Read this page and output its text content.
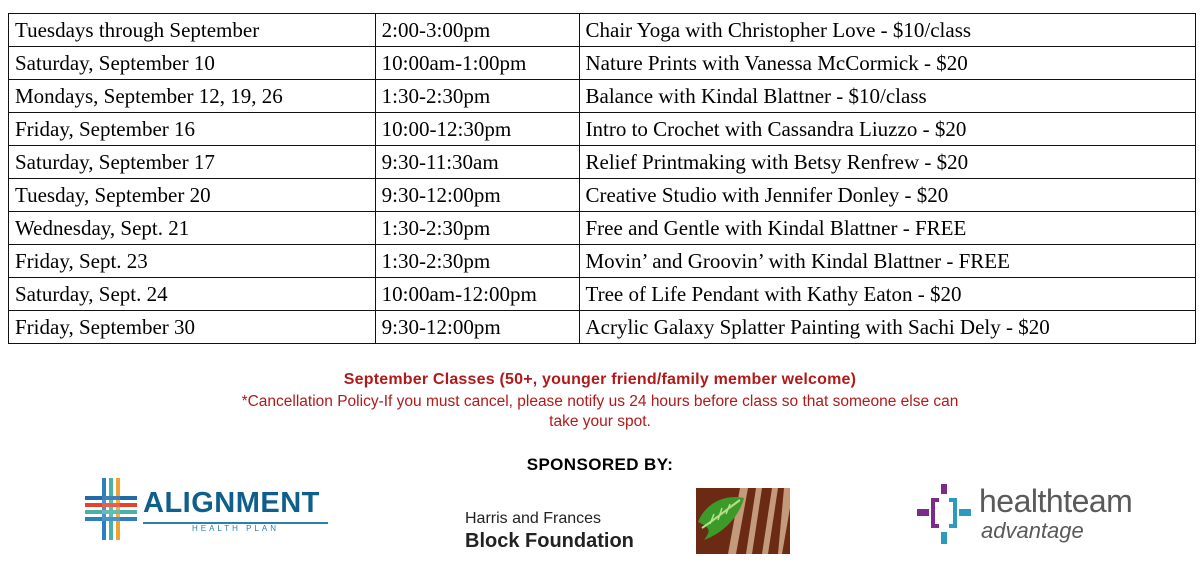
Tuesdays through September	2:00-3:00pm	Chair Yoga with Christopher Love - $10/class
Saturday, September 10	10:00am-1:00pm	Nature Prints with Vanessa McCormick - $20
Mondays, September 12, 19, 26	1:30-2:30pm	Balance with Kindal Blattner - $10/class
Friday, September 16	10:00-12:30pm	Intro to Crochet with Cassandra Liuzzo - $20
Saturday, September 17	9:30-11:30am	Relief Printmaking with Betsy Renfrew - $20
Tuesday, September 20	9:30-12:00pm	Creative Studio with Jennifer Donley - $20
Wednesday, Sept. 21	1:30-2:30pm	Free and Gentle with Kindal Blattner - FREE
Friday, Sept. 23	1:30-2:30pm	Movin’ and Groovin’ with Kindal Blattner - FREE
Saturday, Sept. 24	10:00am-12:00pm	Tree of Life Pendant with Kathy Eaton - $20
Friday, September 30	9:30-12:00pm	Acrylic Galaxy Splatter Painting with Sachi Dely - $20
September Classes (50+, younger friend/family member welcome)
*Cancellation Policy-If you must cancel, please notify us 24 hours before class so that someone else can take your spot.
SPONSORED BY:
ALIGNMENT
HEALTH PLAN
Harris and Frances
Block Foundation
healthteam
advantage
